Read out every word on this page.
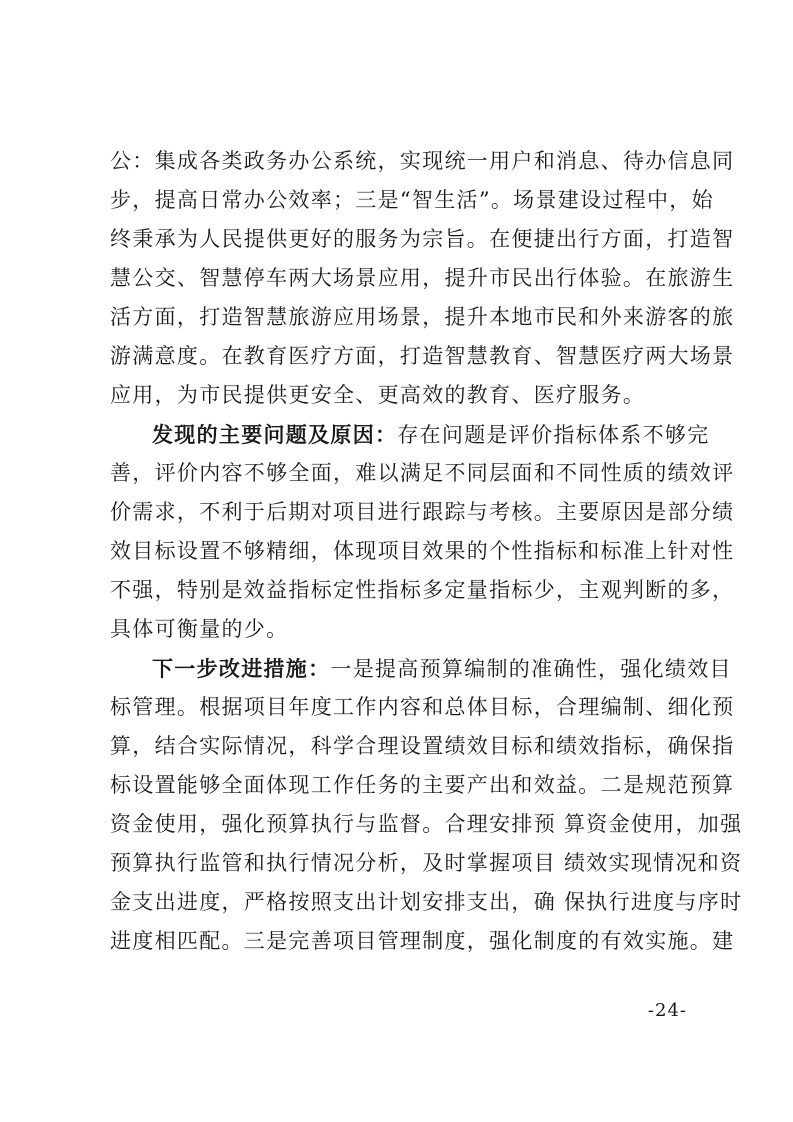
公：集成各类政务办公系统，实现统一用户和消息、待办信息同
步，提高日常办公效率；三是“智生活”。场景建设过程中，始
终秉承为人民提供更好的服务为宗旨。在便捷出行方面，打造智
慧公交、智慧停车两大场景应用，提升市民出行体验。在旅游生
活方面，打造智慧旅游应用场景，提升本地市民和外来游客的旅
游满意度。在教育医疗方面，打造智慧教育、智慧医疗两大场景
应用，为市民提供更安全、更高效的教育、医疗服务。
发现的主要问题及原因：存在问题是评价指标体系不够完
善，评价内容不够全面，难以满足不同层面和不同性质的绩效评
价需求，不利于后期对项目进行跟踪与考核。主要原因是部分绩
效目标设置不够精细，体现项目效果的个性指标和标准上针对性
不强，特别是效益指标定性指标多定量指标少，主观判断的多，
具体可衡量的少。
下一步改进措施：一是提高预算编制的准确性，强化绩效目
标管理。根据项目年度工作内容和总体目标，合理编制、细化预
算，结合实际情况，科学合理设置绩效目标和绩效指标，确保指
标设置能够全面体现工作任务的主要产出和效益。二是规范预算
资金使用，强化预算执行与监督。合理安排预 算资金使用，加强
预算执行监管和执行情况分析，及时掌握项目 绩效实现情况和资
金支出进度，严格按照支出计划安排支出，确 保执行进度与序时
进度相匹配。三是完善项目管理制度，强化制度的有效实施。建
-24-
